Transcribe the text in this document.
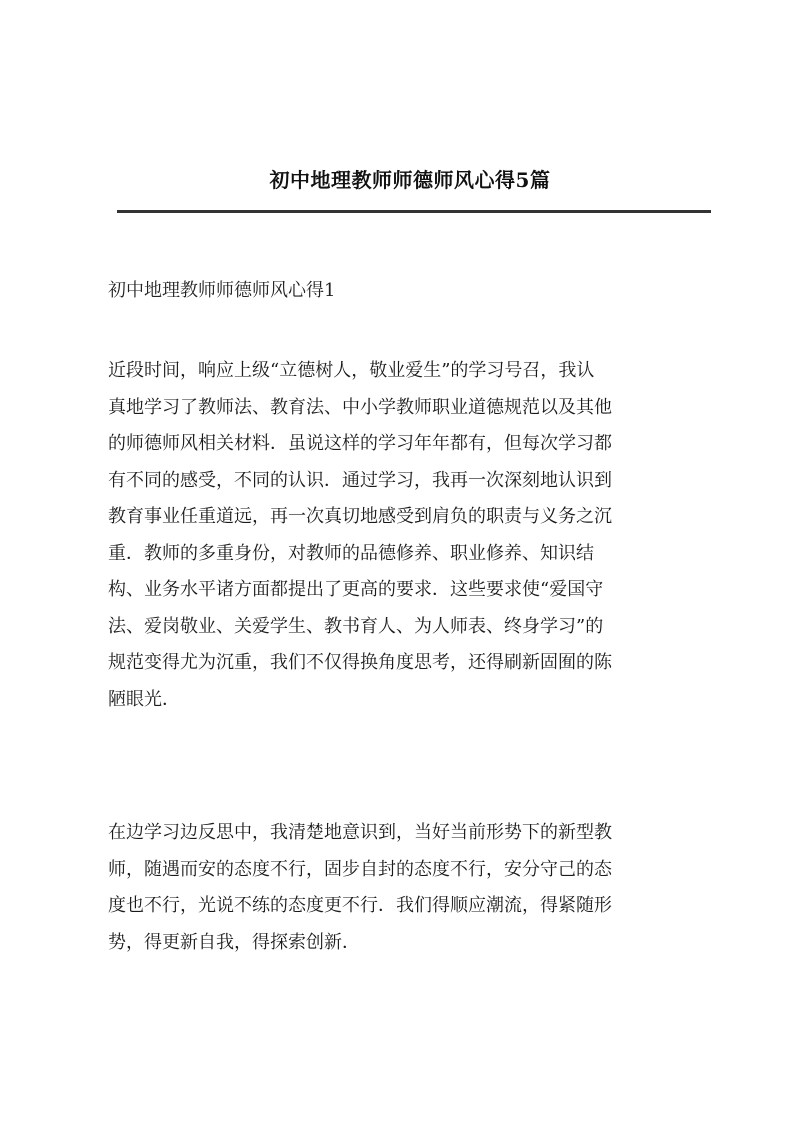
初中地理教师师德师风心得5篇
初中地理教师师德师风心得1
近段时间，响应上级“立德树人，敬业爱生”的学习号召，我认
真地学习了教师法、教育法、中小学教师职业道德规范以及其他
的师德师风相关材料．虽说这样的学习年年都有，但每次学习都
有不同的感受，不同的认识．通过学习，我再一次深刻地认识到
教育事业任重道远，再一次真切地感受到肩负的职责与义务之沉
重．教师的多重身份，对教师的品德修养、职业修养、知识结
构、业务水平诸方面都提出了更高的要求．这些要求使“爱国守
法、爱岗敬业、关爱学生、教书育人、为人师表、终身学习”的
规范变得尤为沉重，我们不仅得换角度思考，还得刷新固囿的陈
陋眼光．
在边学习边反思中，我清楚地意识到，当好当前形势下的新型教
师，随遇而安的态度不行，固步自封的态度不行，安分守己的态
度也不行，光说不练的态度更不行．我们得顺应潮流，得紧随形
势，得更新自我，得探索创新．
